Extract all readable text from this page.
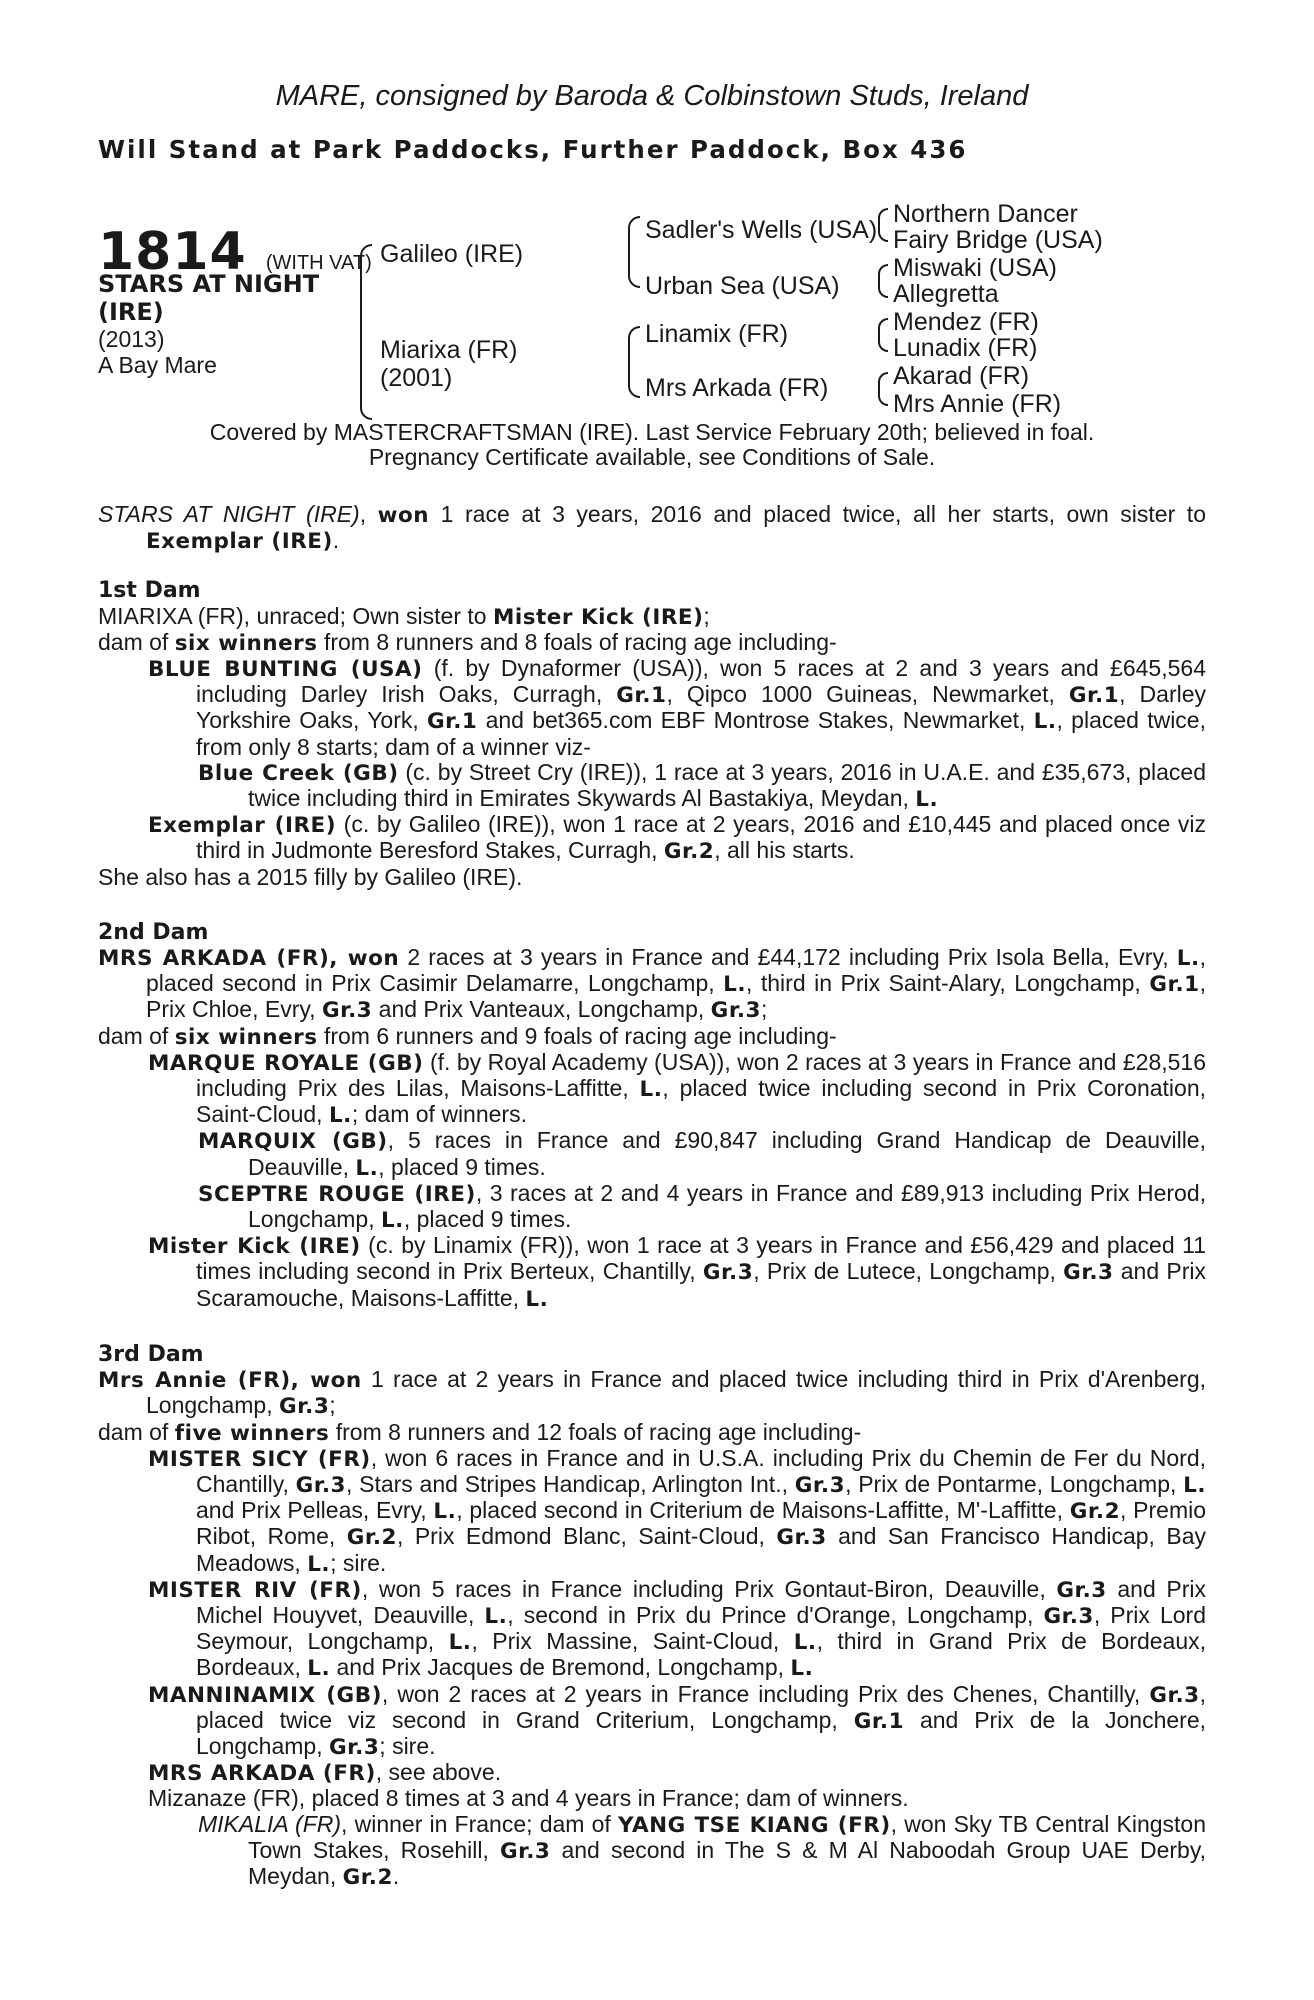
MARE, consigned by Baroda & Colbinstown Studs, Ireland
Will Stand at Park Paddocks, Further Paddock, Box 436
1814 (WITH VAT)
STARS AT NIGHT
(IRE)
(2013)
A Bay Mare
Galileo (IRE)
Miarixa (FR)
(2001)
Sadler's Wells (USA)
Urban Sea (USA)
Linamix (FR)
Mrs Arkada (FR)
Northern Dancer
Fairy Bridge (USA)
Miswaki (USA)
Allegretta
Mendez (FR)
Lunadix (FR)
Akarad (FR)
Mrs Annie (FR)
Covered by MASTERCRAFTSMAN (IRE). Last Service February 20th; believed in foal.
Pregnancy Certificate available, see Conditions of Sale.

STARS AT NIGHT (IRE), won 1 race at 3 years, 2016 and placed twice, all her starts, own sister to Exemplar (IRE).

1st Dam

MIARIXA (FR), unraced; Own sister to Mister Kick (IRE);

dam of six winners from 8 runners and 8 foals of racing age including-

BLUE BUNTING (USA) (f. by Dynaformer (USA)), won 5 races at 2 and 3 years and £645,564 including Darley Irish Oaks, Curragh, Gr.1, Qipco 1000 Guineas, Newmarket, Gr.1, Darley Yorkshire Oaks, York, Gr.1 and bet365.com EBF Montrose Stakes, Newmarket, L., placed twice, from only 8 starts; dam of a winner viz-

Blue Creek (GB) (c. by Street Cry (IRE)), 1 race at 3 years, 2016 in U.A.E. and £35,673, placed twice including third in Emirates Skywards Al Bastakiya, Meydan, L.

Exemplar (IRE) (c. by Galileo (IRE)), won 1 race at 2 years, 2016 and £10,445 and placed once viz third in Judmonte Beresford Stakes, Curragh, Gr.2, all his starts.

She also has a 2015 filly by Galileo (IRE).

2nd Dam

MRS ARKADA (FR), won 2 races at 3 years in France and £44,172 including Prix Isola Bella, Evry, L., placed second in Prix Casimir Delamarre, Longchamp, L., third in Prix Saint-Alary, Longchamp, Gr.1, Prix Chloe, Evry, Gr.3 and Prix Vanteaux, Longchamp, Gr.3;

dam of six winners from 6 runners and 9 foals of racing age including-

MARQUE ROYALE (GB) (f. by Royal Academy (USA)), won 2 races at 3 years in France and £28,516 including Prix des Lilas, Maisons-Laffitte, L., placed twice including second in Prix Coronation, Saint-Cloud, L.; dam of winners.

MARQUIX (GB), 5 races in France and £90,847 including Grand Handicap de Deauville, Deauville, L., placed 9 times.

SCEPTRE ROUGE (IRE), 3 races at 2 and 4 years in France and £89,913 including Prix Herod, Longchamp, L., placed 9 times.

Mister Kick (IRE) (c. by Linamix (FR)), won 1 race at 3 years in France and £56,429 and placed 11 times including second in Prix Berteux, Chantilly, Gr.3, Prix de Lutece, Longchamp, Gr.3 and Prix Scaramouche, Maisons-Laffitte, L.

3rd Dam

Mrs Annie (FR), won 1 race at 2 years in France and placed twice including third in Prix d'Arenberg, Longchamp, Gr.3;

dam of five winners from 8 runners and 12 foals of racing age including-

MISTER SICY (FR), won 6 races in France and in U.S.A. including Prix du Chemin de Fer du Nord, Chantilly, Gr.3, Stars and Stripes Handicap, Arlington Int., Gr.3, Prix de Pontarme, Longchamp, L. and Prix Pelleas, Evry, L., placed second in Criterium de Maisons-Laffitte, M'-Laffitte, Gr.2, Premio Ribot, Rome, Gr.2, Prix Edmond Blanc, Saint-Cloud, Gr.3 and San Francisco Handicap, Bay Meadows, L.; sire.

MISTER RIV (FR), won 5 races in France including Prix Gontaut-Biron, Deauville, Gr.3 and Prix Michel Houyvet, Deauville, L., second in Prix du Prince d'Orange, Longchamp, Gr.3, Prix Lord Seymour, Longchamp, L., Prix Massine, Saint-Cloud, L., third in Grand Prix de Bordeaux, Bordeaux, L. and Prix Jacques de Bremond, Longchamp, L.

MANNINAMIX (GB), won 2 races at 2 years in France including Prix des Chenes, Chantilly, Gr.3, placed twice viz second in Grand Criterium, Longchamp, Gr.1 and Prix de la Jonchere, Longchamp, Gr.3; sire.

MRS ARKADA (FR), see above.

Mizanaze (FR), placed 8 times at 3 and 4 years in France; dam of winners.

MIKALIA (FR), winner in France; dam of YANG TSE KIANG (FR), won Sky TB Central Kingston Town Stakes, Rosehill, Gr.3 and second in The S & M Al Naboodah Group UAE Derby, Meydan, Gr.2.
